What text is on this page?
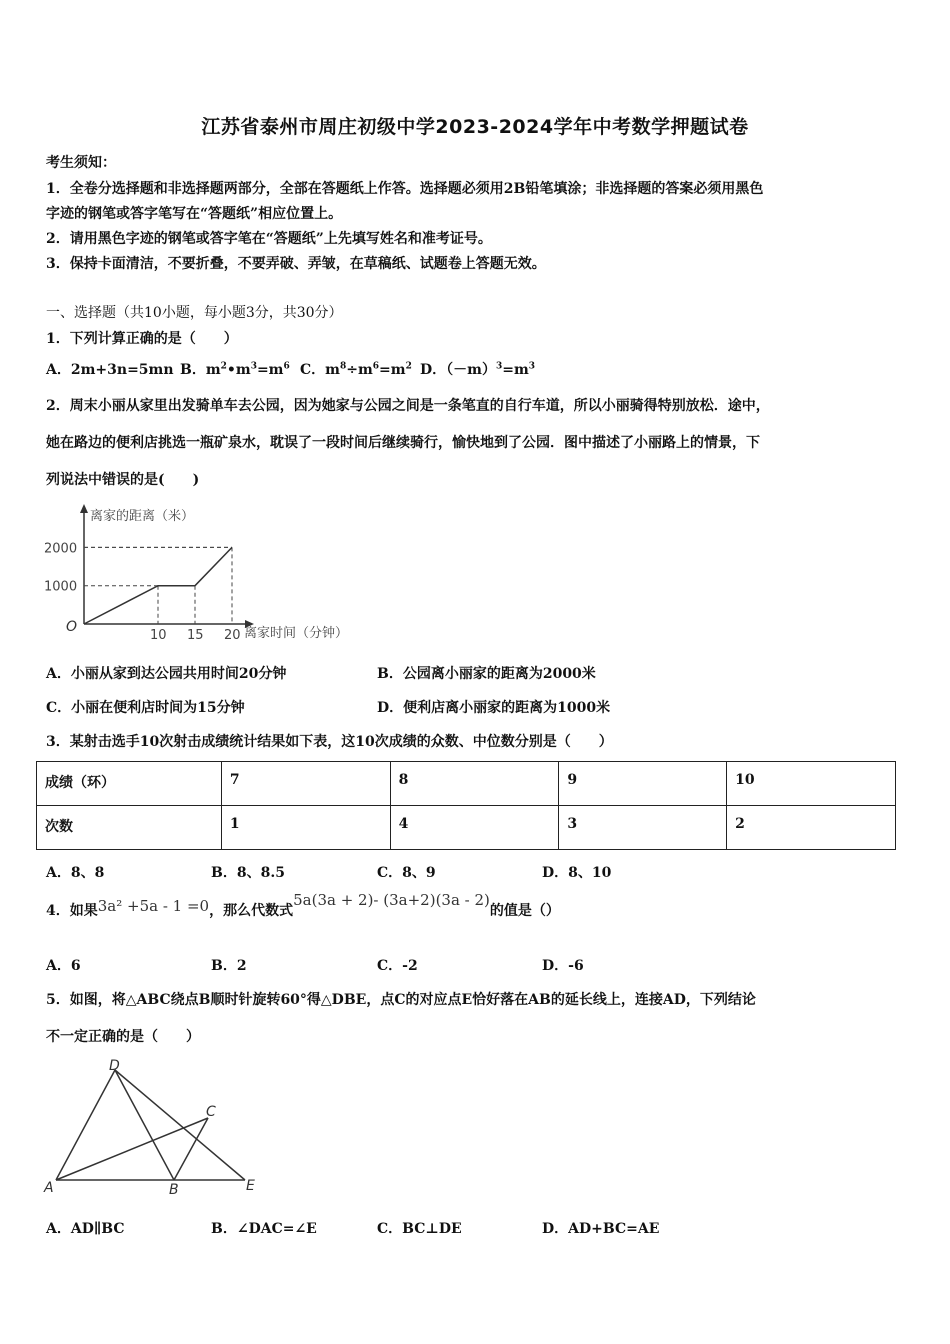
江苏省泰州市周庄初级中学2023-2024学年中考数学押题试卷
考生须知：
1．全卷分选择题和非选择题两部分，全部在答题纸上作答。选择题必须用2B铅笔填涂；非选择题的答案必须用黑色
字迹的钢笔或答字笔写在“答题纸”相应位置上。
2．请用黑色字迹的钢笔或答字笔在“答题纸”上先填写姓名和准考证号。
3．保持卡面清洁，不要折叠，不要弄破、弄皱，在草稿纸、试题卷上答题无效。
一、选择题（共10小题，每小题3分，共30分）
1．下列计算正确的是（　　）
A．2m+3n=5mn B．$m^2•m^3=m^6$ C．$m^8\div m^6=m^2$ D．$(-m)^3=m^3$
2．周末小丽从家里出发骑单车去公园，因为她家与公园之间是一条笔直的自行车道，所以小丽骑得特别放松．途中，
她在路边的便利店挑选一瓶矿泉水，耽误了一段时间后继续骑行，愉快地到了公园．图中描述了小丽路上的情景，下
列说法中错误的是(　　)
离家的距离（米）
离家时间（分钟）
O
10 15 20
1000
2000
A．小丽从家到达公园共用时间20分钟	B．公园离小丽家的距离为2000米
C．小丽在便利店时间为15分钟	D．便利店离小丽家的距离为1000米
3．某射击选手10次射击成绩统计结果如下表，这10次成绩的众数、中位数分别是（　　）
成绩（环）	7	8	9	10
次数	1	4	3	2
A．8、8	B．8、8.5	C．8、9	D．8、10
4．如果3a² +5a - 1 =0，那么代数式5a(3a + 2)- (3a+2)(3a - 2)的值是（）
A．6	B．2	C．-2	D．-6
5．如图，将△ABC绕点B顺时针旋转60°得△DBE，点C的对应点E恰好落在AB的延长线上，连接AD，下列结论
不一定正确的是（　　）
D
C
A	B	E
A．AD∥BC	B．∠DAC=∠E	C．BC⊥DE	D．AD+BC=AE
